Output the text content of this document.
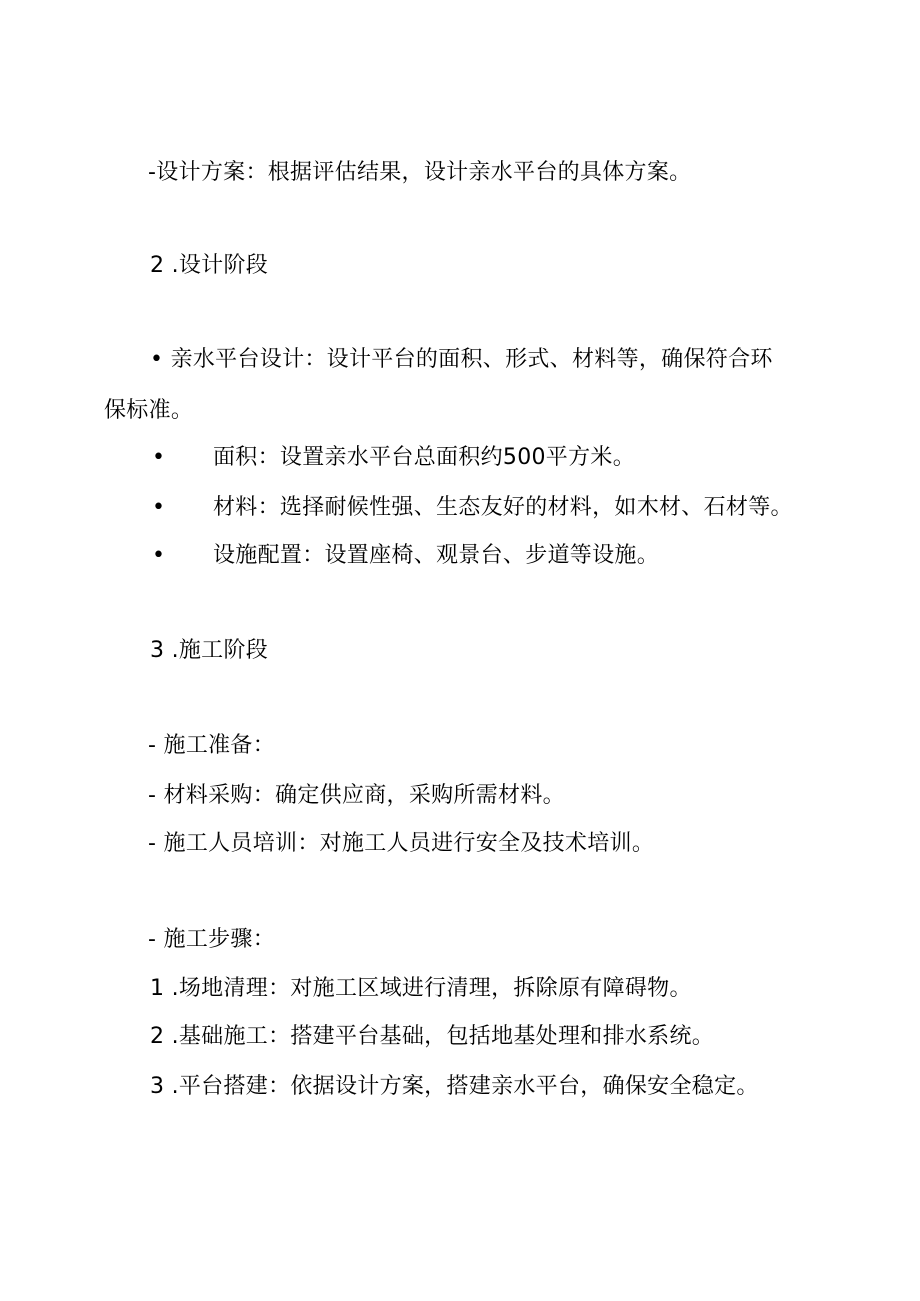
-设计方案：根据评估结果，设计亲水平台的具体方案。
2 .设计阶段
• 亲水平台设计：设计平台的面积、形式、材料等，确保符合环
保标准。
• 面积：设置亲水平台总面积约500平方米。
• 材料：选择耐候性强、生态友好的材料，如木材、石材等。
• 设施配置：设置座椅、观景台、步道等设施。
3 .施工阶段
- 施工准备：
- 材料采购：确定供应商，采购所需材料。
- 施工人员培训：对施工人员进行安全及技术培训。
- 施工步骤：
1 .场地清理：对施工区域进行清理，拆除原有障碍物。
2 .基础施工：搭建平台基础，包括地基处理和排水系统。
3 .平台搭建：依据设计方案，搭建亲水平台，确保安全稳定。
